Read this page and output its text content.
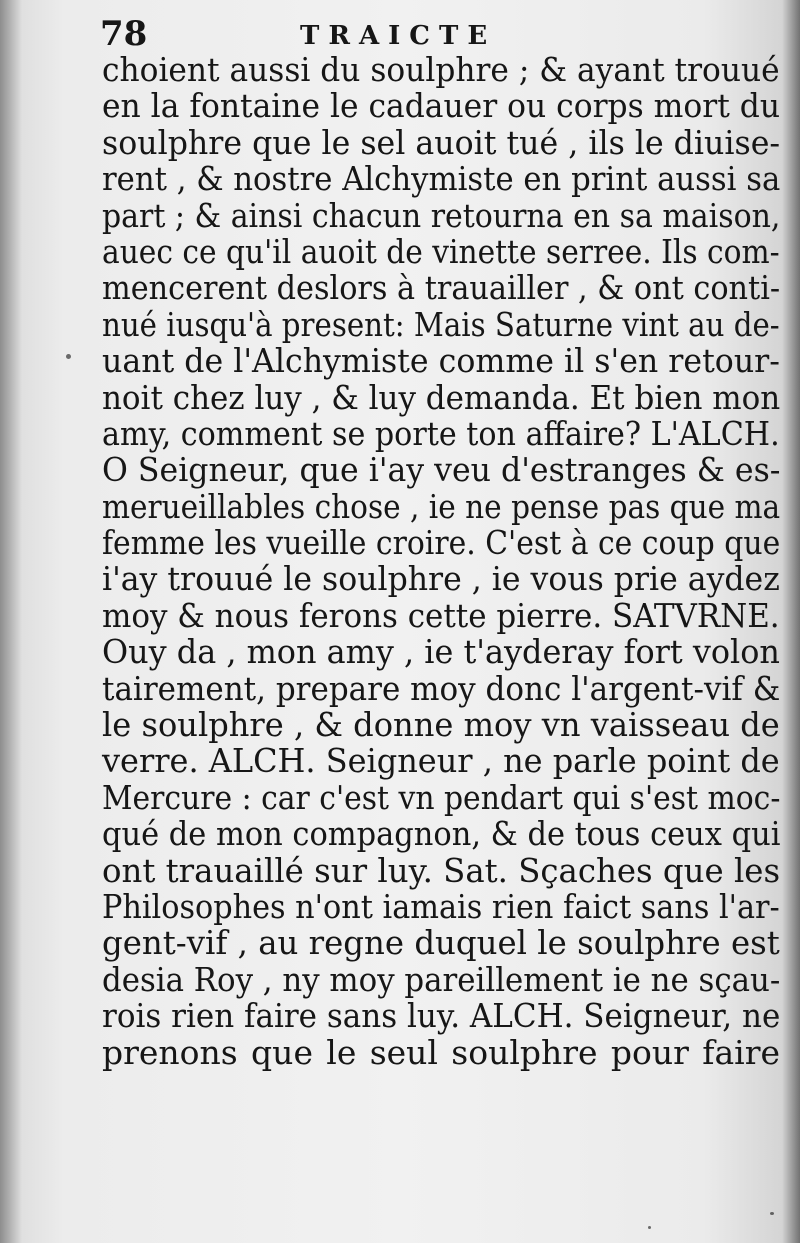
78	TRAICTE
choient aussi du soulphre ; & ayant trouué
en la fontaine le cadauer ou corps mort du
soulphre que le sel auoit tué , ils le diuise-
rent , & nostre Alchymiste en print aussi sa
part ; & ainsi chacun retourna en sa maison,
auec ce qu'il auoit de vinette serree. Ils com-
mencerent deslors à trauailler , & ont conti-
nué iusqu'à present: Mais Saturne vint au de-
uant de l'Alchymiste comme il s'en retour-
noit chez luy , & luy demanda. Et bien mon
amy, comment se porte ton affaire? L'ALCH.
O Seigneur, que i'ay veu d'estranges & es-
merueillables chose , ie ne pense pas que ma
femme les vueille croire. C'est à ce coup que
i'ay trouué le soulphre , ie vous prie aydez
moy & nous ferons cette pierre. SATVRNE.
Ouy da , mon amy , ie t'ayderay fort volon
tairement, prepare moy donc l'argent-vif &
le soulphre , & donne moy vn vaisseau de
verre. ALCH. Seigneur , ne parle point de
Mercure : car c'est vn pendart qui s'est moc-
qué de mon compagnon, & de tous ceux qui
ont trauaillé sur luy. Sat. Sçaches que les
Philosophes n'ont iamais rien faict sans l'ar-
gent-vif , au regne duquel le soulphre est
desia Roy , ny moy pareillement ie ne sçau-
rois rien faire sans luy. ALCH. Seigneur, ne
prenons que le seul soulphre pour faire
